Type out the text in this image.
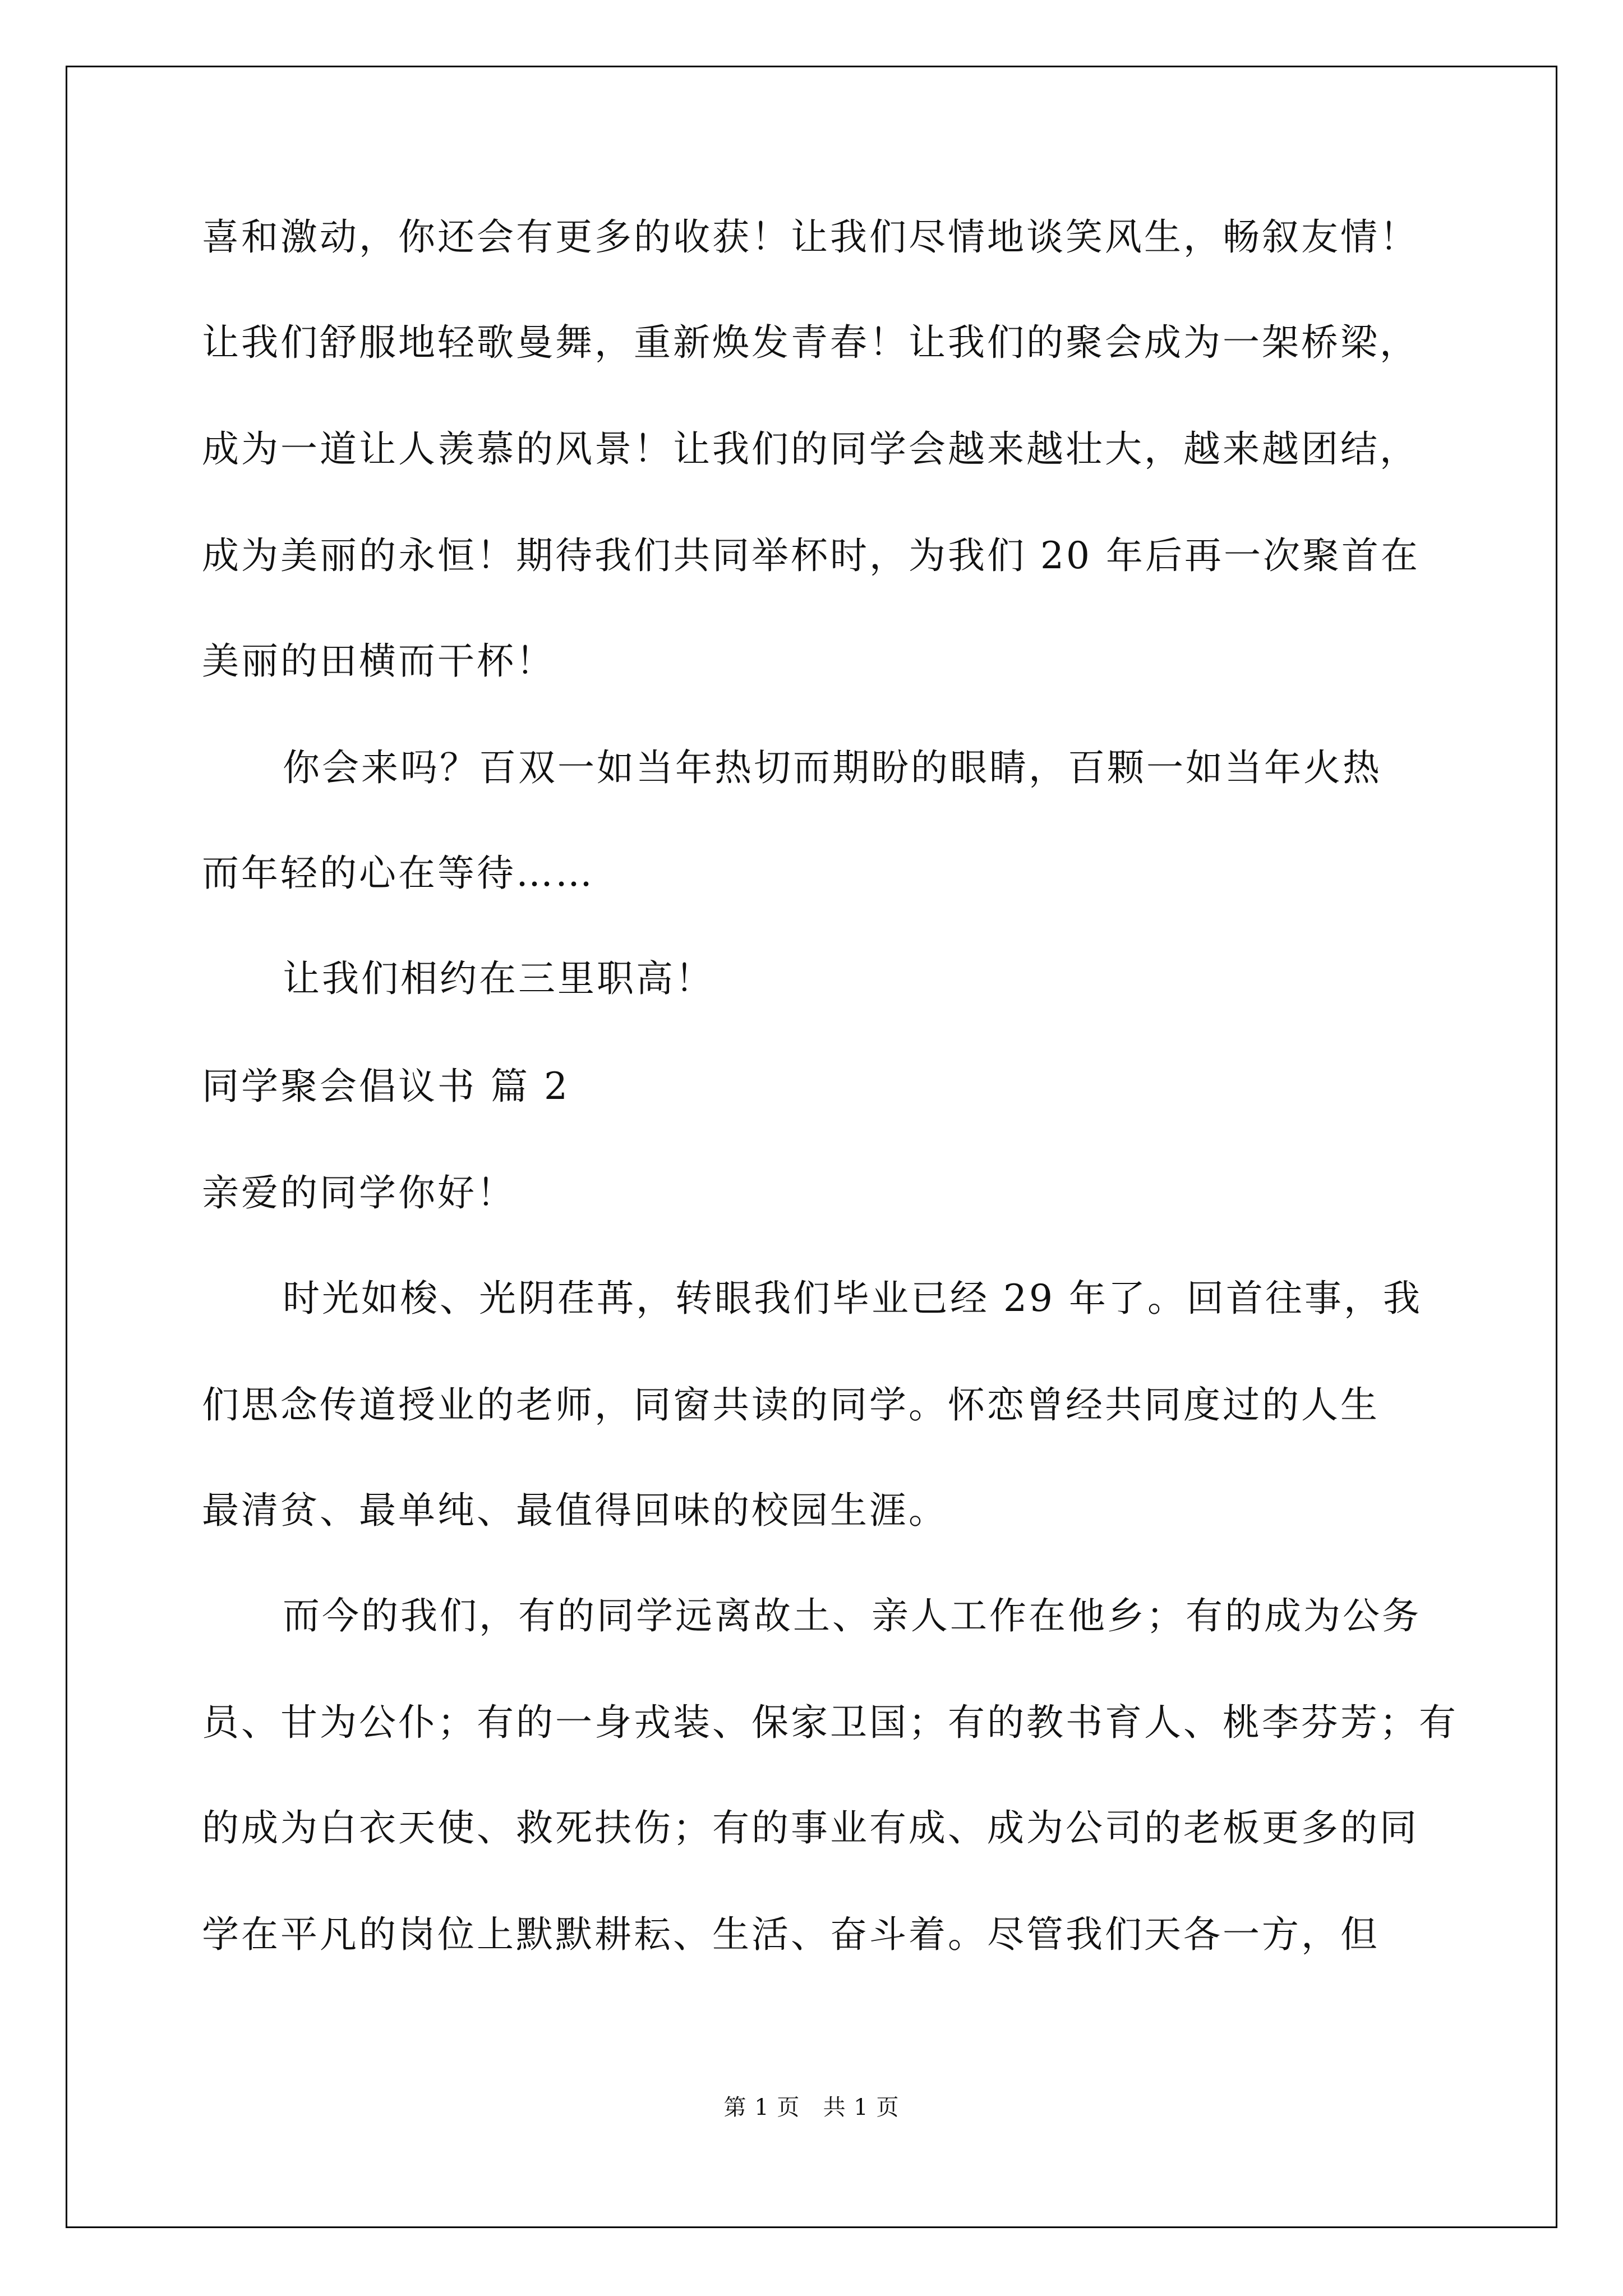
喜和激动，你还会有更多的收获！让我们尽情地谈笑风生，畅叙友情！
让我们舒服地轻歌曼舞，重新焕发青春！让我们的聚会成为一架桥梁，
成为一道让人羡慕的风景！让我们的同学会越来越壮大，越来越团结，
成为美丽的永恒！期待我们共同举杯时，为我们 20 年后再一次聚首在
美丽的田横而干杯！
你会来吗？百双一如当年热切而期盼的眼睛，百颗一如当年火热
而年轻的心在等待……
让我们相约在三里职高！
同学聚会倡议书 篇 2
亲爱的同学你好！
时光如梭、光阴荏苒，转眼我们毕业已经 29 年了。回首往事，我
们思念传道授业的老师，同窗共读的同学。怀恋曾经共同度过的人生
最清贫、最单纯、最值得回味的校园生涯。
而今的我们，有的同学远离故土、亲人工作在他乡；有的成为公务
员、甘为公仆；有的一身戎装、保家卫国；有的教书育人、桃李芬芳；有
的成为白衣天使、救死扶伤；有的事业有成、成为公司的老板更多的同
学在平凡的岗位上默默耕耘、生活、奋斗着。尽管我们天各一方，但
第 1 页   共 1 页
